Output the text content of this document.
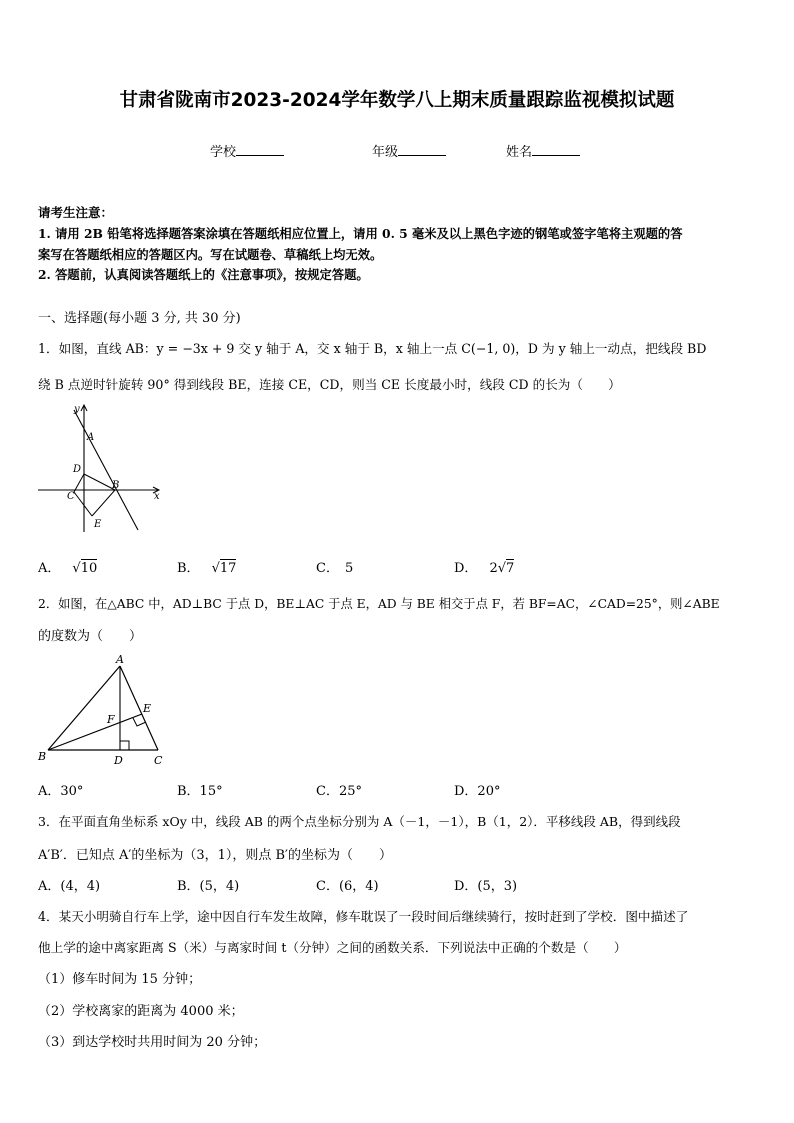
甘肃省陇南市2023-2024学年数学八上期末质量跟踪监视模拟试题
学校	年级	姓名
请考生注意：
1. 请用 2B 铅笔将选择题答案涂填在答题纸相应位置上，请用 0. 5 毫米及以上黑色字迹的钢笔或签字笔将主观题的答
案写在答题纸相应的答题区内。写在试题卷、草稿纸上均无效。
2. 答题前，认真阅读答题纸上的《注意事项》，按规定答题。
一、选择题(每小题 3 分, 共 30 分)
1．如图，直线 AB：y = −3x + 9 交 y 轴于 A，交 x 轴于 B，x 轴上一点 C(−1, 0)，D 为 y 轴上一动点，把线段 BD
绕 B 点逆时针旋转 90° 得到线段 BE，连接 CE，CD，则当 CE 长度最小时，线段 CD 的长为（　　）
y
x
A
D
C
B
E
A． √10	B． √17	C． 5	D． 2√7
2．如图，在△ABC 中，AD⊥BC 于点 D，BE⊥AC 于点 E，AD 与 BE 相交于点 F，若 BF=AC，∠CAD=25°，则∠ABE
的度数为（　　）
A
E
F
B	D	C
A．30°	B．15°	C．25°	D．20°
3．在平面直角坐标系 xOy 中，线段 AB 的两个点坐标分别为 A（－1，－1），B（1，2）．平移线段 AB，得到线段
A′B′．已知点 A′的坐标为（3，1），则点 B′的坐标为（　　）
A．(4，4)	B．(5，4)	C．(6，4)	D．(5，3)
4．某天小明骑自行车上学，途中因自行车发生故障，修车耽误了一段时间后继续骑行，按时赶到了学校．图中描述了
他上学的途中离家距离 S（米）与离家时间 t（分钟）之间的函数关系．下列说法中正确的个数是（　　）
（1）修车时间为 15 分钟；
（2）学校离家的距离为 4000 米；
（3）到达学校时共用时间为 20 分钟；
